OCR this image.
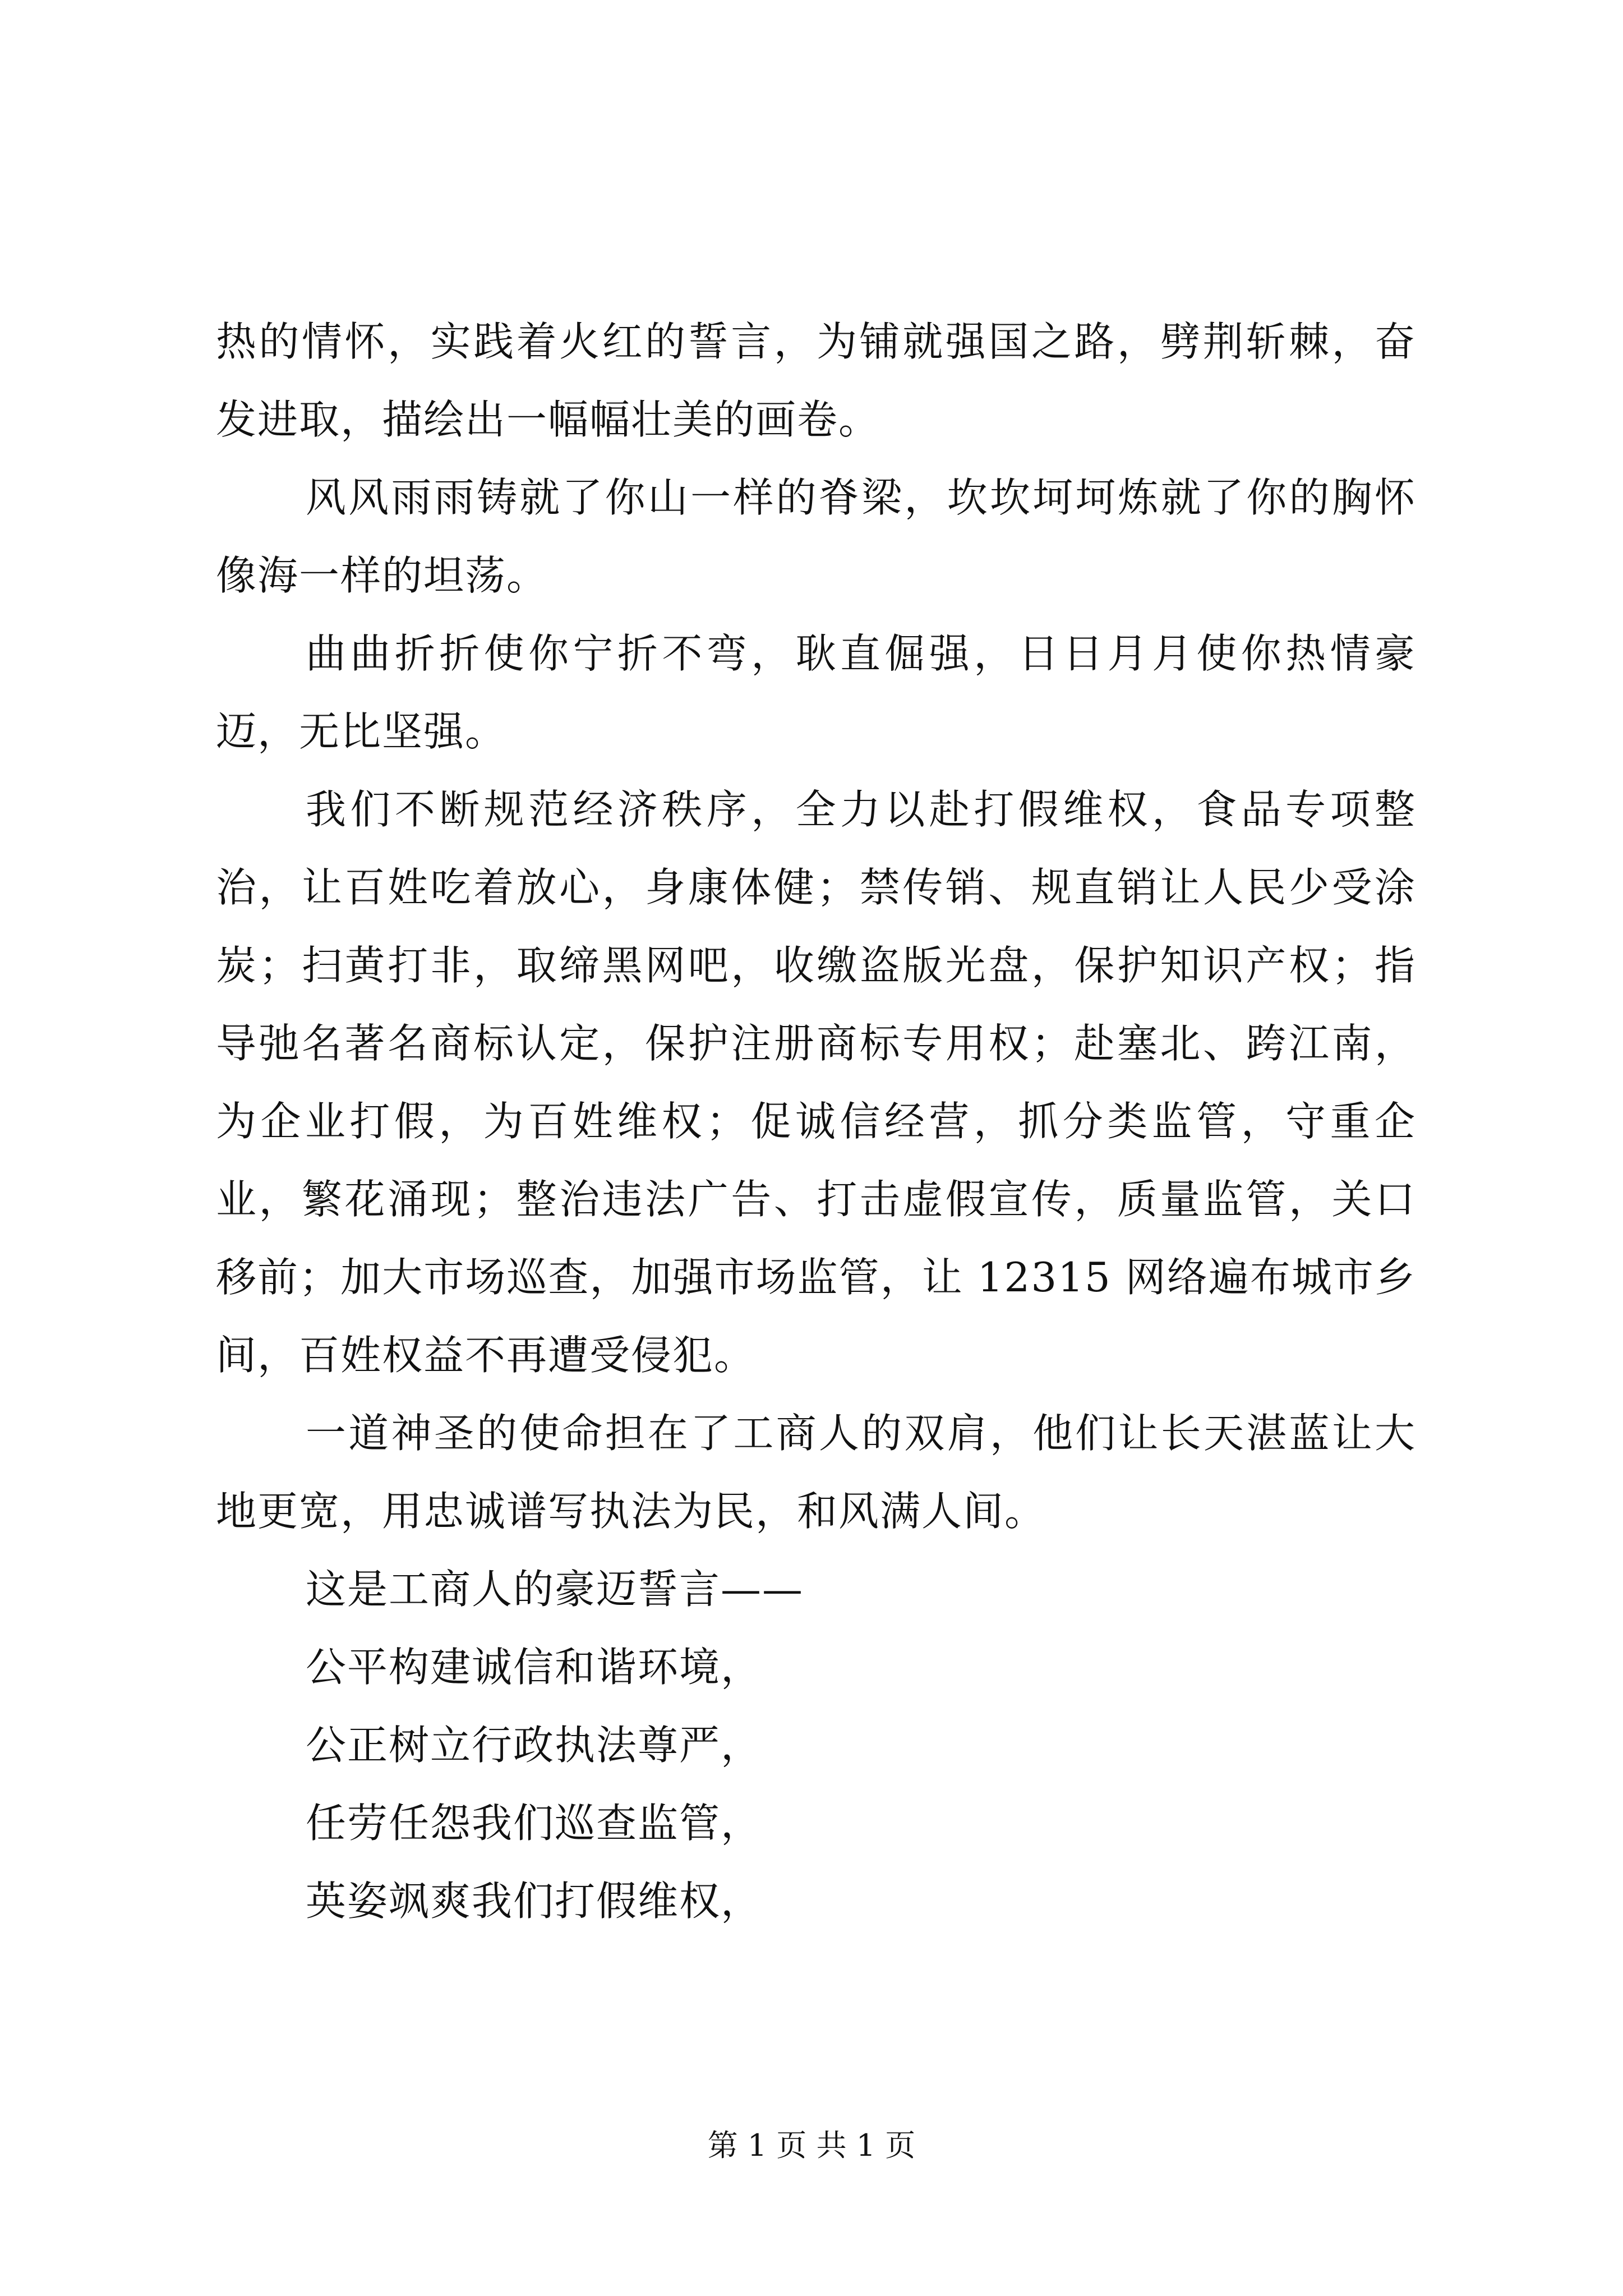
热的情怀，实践着火红的誓言，为铺就强国之路，劈荆斩棘，奋发进取，描绘出一幅幅壮美的画卷。

风风雨雨铸就了你山一样的脊梁，坎坎坷坷炼就了你的胸怀像海一样的坦荡。

曲曲折折使你宁折不弯，耿直倔强，日日月月使你热情豪迈，无比坚强。

我们不断规范经济秩序，全力以赴打假维权，食品专项整治，让百姓吃着放心，身康体健；禁传销、规直销让人民少受涂炭；扫黄打非，取缔黑网吧，收缴盗版光盘，保护知识产权；指导弛名著名商标认定，保护注册商标专用权；赴塞北、跨江南，为企业打假，为百姓维权；促诚信经营，抓分类监管，守重企业，繁花涌现；整治违法广告、打击虚假宣传，质量监管，关口移前；加大市场巡查，加强市场监管，让 12315 网络遍布城市乡间，百姓权益不再遭受侵犯。

一道神圣的使命担在了工商人的双肩，他们让长天湛蓝让大地更宽，用忠诚谱写执法为民，和风满人间。

这是工商人的豪迈誓言——

公平构建诚信和谐环境，

公正树立行政执法尊严，

任劳任怨我们巡查监管，

英姿飒爽我们打假维权，

第 1 页 共 1 页
